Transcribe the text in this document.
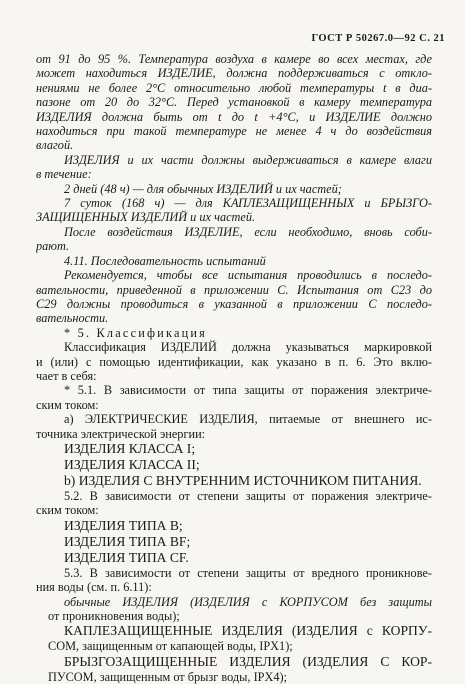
ГОСТ Р 50267.0—92 С. 21
от 91 до 95 %. Температура воздуха в камере во всех местах, где
может находиться ИЗДЕЛИЕ, должна поддерживаться с откло-
нениями не более 2°С относительно любой температуры t в диа-
пазоне от 20 до 32°С. Перед установкой в камеру температура
ИЗДЕЛИЯ должна быть от t до t +4°С, и ИЗДЕЛИЕ должно
находиться при такой температуре не менее 4 ч до воздействия
влагой.
ИЗДЕЛИЯ и их части должны выдерживаться в камере влаги
в течение:
2 дней (48 ч) — для обычных ИЗДЕЛИЙ и их частей;
7 суток (168 ч) — для КАПЛЕЗАЩИЩЕННЫХ и БРЫЗГО-
ЗАЩИЩЕННЫХ ИЗДЕЛИЙ и их частей.
После воздействия ИЗДЕЛИЕ, если необходимо, вновь соби-
рают.
4.11. Последовательность испытаний
Рекомендуется, чтобы все испытания проводились в последо-
вательности, приведенной в приложении С. Испытания от С23 до
С29 должны проводиться в указанной в приложении С последо-
вательности.
* 5. Классификация
Классификация ИЗДЕЛИЙ должна указываться маркировкой
и (или) с помощью идентификации, как указано в п. 6. Это вклю-
чает в себя:
* 5.1. В зависимости от типа защиты от поражения электриче-
ским током:
a) ЭЛЕКТРИЧЕСКИЕ ИЗДЕЛИЯ, питаемые от внешнего ис-
точника электрической энергии:
ИЗДЕЛИЯ КЛАССА I;
ИЗДЕЛИЯ КЛАССА II;
b) ИЗДЕЛИЯ С ВНУТРЕННИМ ИСТОЧНИКОМ ПИТАНИЯ.
5.2. В зависимости от степени защиты от поражения электриче-
ским током:
ИЗДЕЛИЯ ТИПА B;
ИЗДЕЛИЯ ТИПА BF;
ИЗДЕЛИЯ ТИПА CF.
5.3. В зависимости от степени защиты от вредного проникнове-
ния воды (см. п. 6.11):
обычные ИЗДЕЛИЯ (ИЗДЕЛИЯ с КОРПУСОМ без защиты
от проникновения воды);
КАПЛЕЗАЩИЩЕННЫЕ ИЗДЕЛИЯ (ИЗДЕЛИЯ с КОРПУ-
СОМ, защищенным от капающей воды, IPX1);
БРЫЗГОЗАЩИЩЕННЫЕ ИЗДЕЛИЯ (ИЗДЕЛИЯ С КОР-
ПУСОМ, защищенным от брызг воды, IPX4);
